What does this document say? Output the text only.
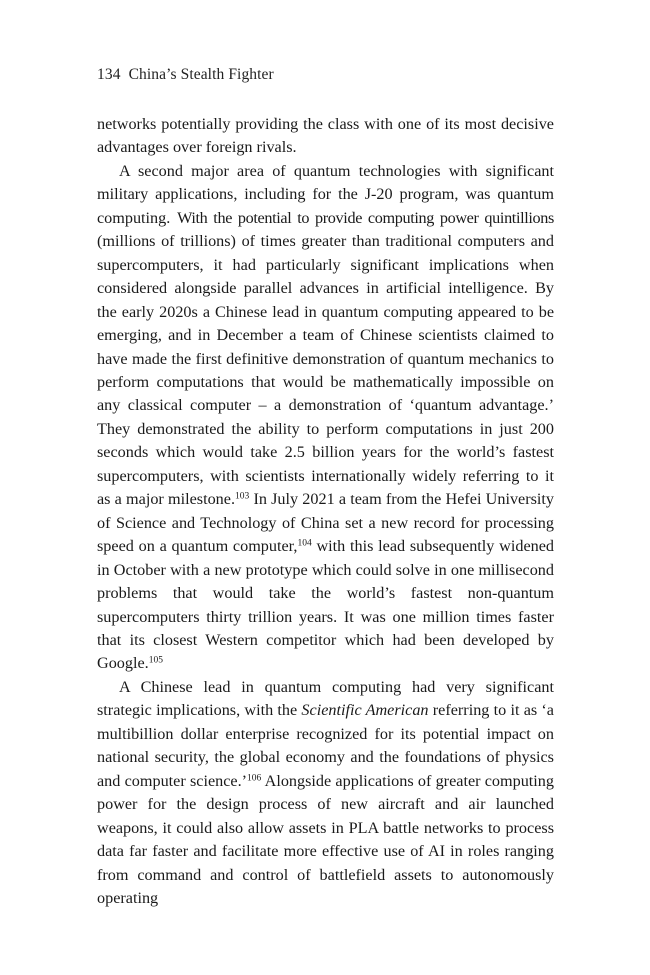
134 China’s Stealth Fighter

networks potentially providing the class with one of its most decisive advantages over foreign rivals.

A second major area of quantum technologies with significant military applications, including for the J-20 program, was quantum computing. With the potential to provide computing power quintillions (millions of trillions) of times greater than traditional computers and supercomputers, it had particularly significant implications when considered alongside parallel advances in artificial intelligence. By the early 2020s a Chinese lead in quantum computing appeared to be emerging, and in December a team of Chinese scientists claimed to have made the first definitive demonstration of quantum mechanics to perform computations that would be mathematically impossible on any classical computer – a demonstration of ‘quantum advantage.’ They demonstrated the ability to perform computations in just 200 seconds which would take 2.5 billion years for the world’s fastest supercomputers, with scientists internationally widely referring to it as a major milestone.$^{103}$ In July 2021 a team from the Hefei University of Science and Technology of China set a new record for processing speed on a quantum computer,$^{104}$ with this lead subsequently widened in October with a new prototype which could solve in one millisecond problems that would take the world’s fastest non-quantum supercomputers thirty trillion years. It was one million times faster that its closest Western competitor which had been developed by Google.$^{105}$

A Chinese lead in quantum computing had very significant strategic implications, with the Scientific American referring to it as ‘a multibillion dollar enterprise recognized for its potential impact on national security, the global economy and the foundations of physics and computer science.’$^{106}$ Alongside applications of greater computing power for the design process of new aircraft and air launched weapons, it could also allow assets in PLA battle networks to process data far faster and facilitate more effective use of AI in roles ranging from command and control of battlefield assets to autonomously operating
